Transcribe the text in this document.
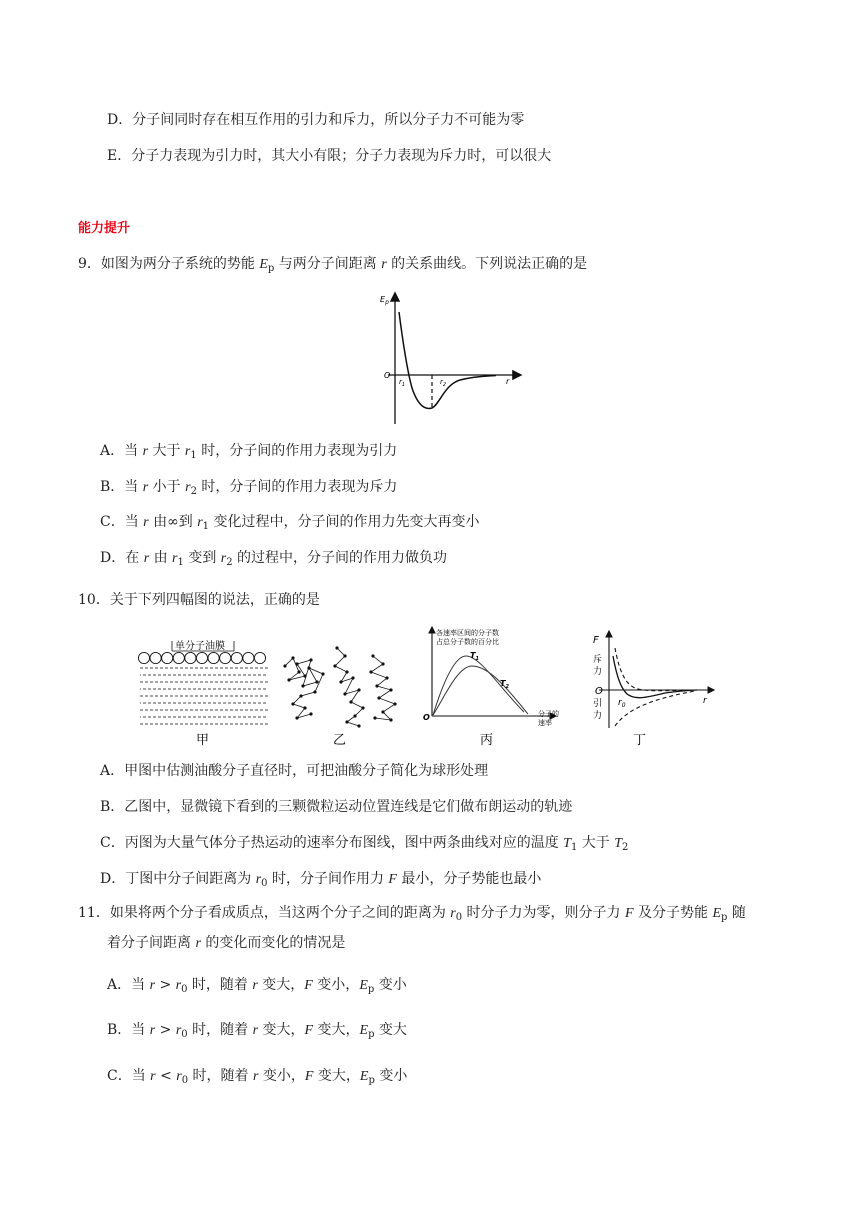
D．分子间同时存在相互作用的引力和斥力，所以分子力不可能为零
E．分子力表现为引力时，其大小有限；分子力表现为斥力时，可以很大
能力提升
9．如图为两分子系统的势能 $E_p$ 与两分子间距离 r 的关系曲线。下列说法正确的是
$E_p$
O
$r_1$	$r_2$	r
A．当 r 大于 $r_1$ 时，分子间的作用力表现为引力
B．当 r 小于 $r_2$ 时，分子间的作用力表现为斥力
C．当 r 由∞到 $r_1$ 变化过程中，分子间的作用力先变大再变小
D．在 r 由 $r_1$ 变到 $r_2$ 的过程中，分子间的作用力做负功
10．关于下列四幅图的说法，正确的是
单分子油膜
甲	乙
各速率区间的分子数
占总分子数的百分比
$T_1$
$T_2$
O	分子的
速率
丙
F
斥
力
O
引
力
$r_0$	r
丁
A．甲图中估测油酸分子直径时，可把油酸分子简化为球形处理
B．乙图中，显微镜下看到的三颗微粒运动位置连线是它们做布朗运动的轨迹
C．丙图为大量气体分子热运动的速率分布图线，图中两条曲线对应的温度 $T_1$ 大于 $T_2$
D．丁图中分子间距离为 $r_0$ 时，分子间作用力 F 最小，分子势能也最小
11．如果将两个分子看成质点，当这两个分子之间的距离为 $r_0$ 时分子力为零，则分子力 F 及分子势能 $E_p$ 随
着分子间距离 r 的变化而变化的情况是
A．当 $r > r_0$ 时，随着 r 变大，F 变小，$E_p$ 变小
B．当 $r > r_0$ 时，随着 r 变大，F 变大，$E_p$ 变大
C．当 $r < r_0$ 时，随着 r 变小，F 变大，$E_p$ 变小
